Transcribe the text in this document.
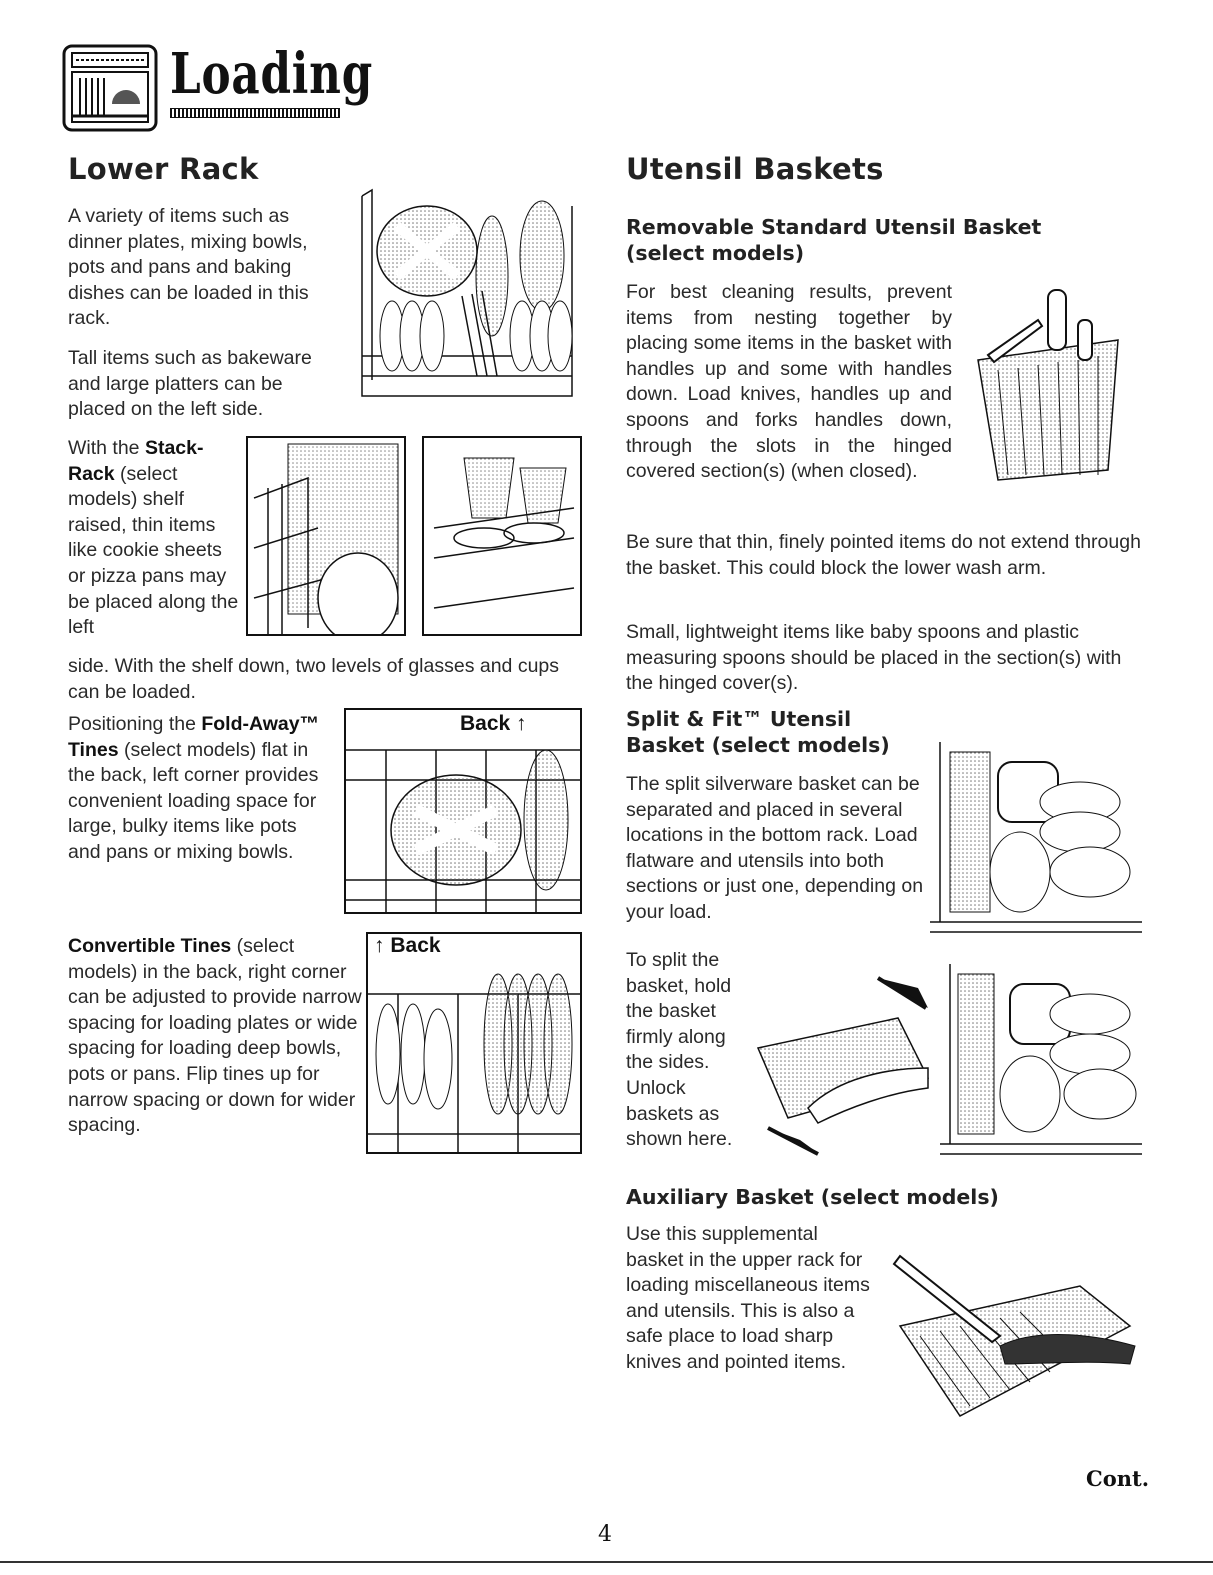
Loading
Lower Rack

A variety of items such as dinner plates, mixing bowls, pots and pans and baking dishes can be loaded in this rack.

Tall items such as bakeware and large platters can be placed on the left side.

With the Stack-Rack (select models) shelf raised, thin items like cookie sheets or pizza pans may be placed along the left

side. With the shelf down, two levels of glasses and cups can be loaded.

Positioning the Fold-Away™ Tines (select models) flat in the back, left corner provides convenient loading space for large, bulky items like pots and pans or mixing bowls.

Back ↑

Convertible Tines (select models) in the back, right corner can be adjusted to provide narrow spacing for loading plates or wide spacing for loading deep bowls, pots or pans. Flip tines up for narrow spacing or down for wider spacing.

↑ Back
Utensil Baskets
Removable Standard Utensil Basket (select models)

For best cleaning results, prevent items from nesting together by placing some items in the basket with handles up and some with handles down. Load knives, handles up and spoons and forks handles down, through the slots in the hinged covered section(s) (when closed).

Be sure that thin, finely pointed items do not extend through the basket. This could block the lower wash arm.

Small, lightweight items like baby spoons and plastic measuring spoons should be placed in the section(s) with the hinged cover(s).

Split & Fit™ Utensil Basket (select models)

The split silverware basket can be separated and placed in several locations in the bottom rack. Load flatware and utensils into both sections or just one, depending on your load.

To split the basket, hold the basket firmly along the sides. Unlock baskets as shown here.

Auxiliary Basket (select models)

Use this supplemental basket in the upper rack for loading miscellaneous items and utensils. This is also a safe place to load sharp knives and pointed items.

Cont.
4
